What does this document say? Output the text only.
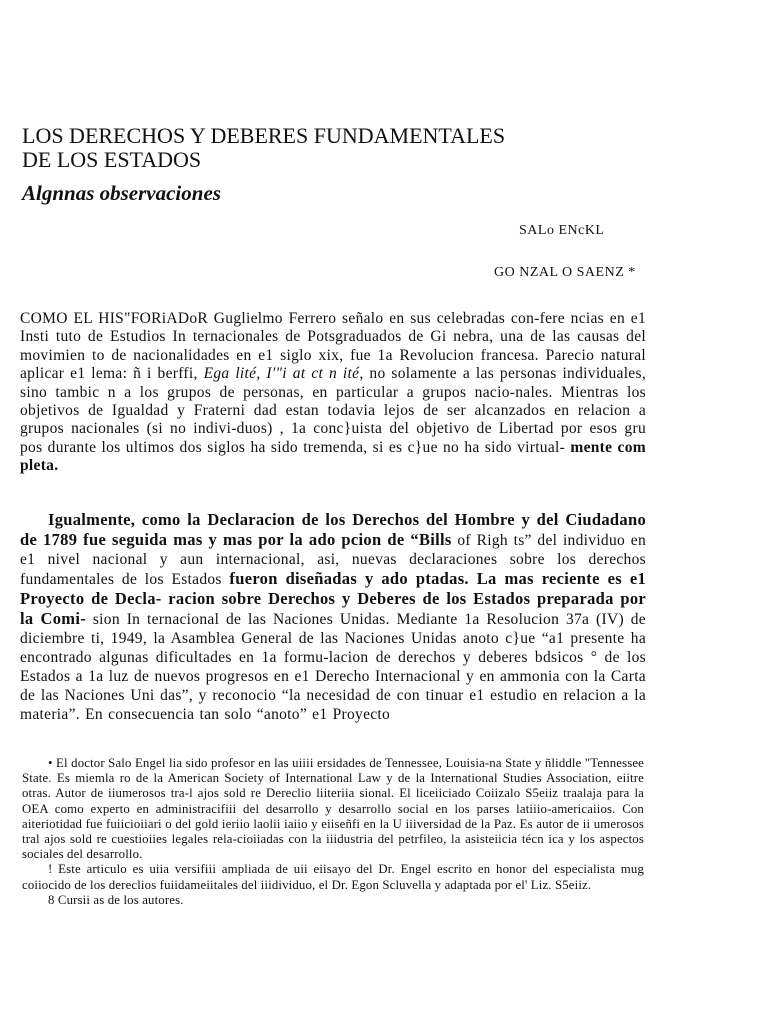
LOS DERECHOS Y DEBERES FUNDAMENTALES
DE LOS ESTADOS
Algnnas observaciones
SALo ENcKL
GO NZAL O SAENZ *

COMO EL HIS"FORiADoR Guglielmo Ferrero señalo en sus celebradas con-fere ncias en e1 Insti tuto de Estudios In ternacionales de Potsgraduados de Gi nebra, una de las causas del movimien to de nacionalidades en e1 siglo xix, fue 1a Revolucion francesa. Parecio natural aplicar e1 lema: ñ i berffi, Ega lité, I'"i at ct n ité, no solamente a las personas individuales, sino tambic n a los grupos de personas, en particular a grupos nacio-nales. Mientras los objetivos de Igualdad y Fraterni dad estan todavia lejos de ser alcanzados en relacion a grupos nacionales (si no indivi-duos) , 1a conc}uista del objetivo de Libertad por esos gru pos durante los ultimos dos siglos ha sido tremenda, si es c}ue no ha sido virtual- mente com pleta.

Igualmente, como la Declaracion de los Derechos del Hombre y del Ciudadano de 1789 fue seguida mas y mas por la ado pcion de “Bills of Righ ts” del individuo en e1 nivel nacional y aun internacional, asi, nuevas declaraciones sobre los derechos fundamentales de los Estados fueron diseñadas y ado ptadas. La mas reciente es e1 Proyecto de Decla- racion sobre Derechos y Deberes de los Estados preparada por la Comi- sion In ternacional de las Naciones Unidas. Mediante 1a Resolucion 37a (IV) de diciembre ti, 1949, la Asamblea General de las Naciones Unidas anoto c}ue “a1 presente ha encontrado algunas dificultades en 1a formu-lacion de derechos y deberes bdsicos ° de los Estados a 1a luz de nuevos progresos en e1 Derecho Internacional y en ammonia con la Carta de las Naciones Uni das”, y reconocio “la necesidad de con tinuar e1 estudio en relacion a la materia”. En consecuencia tan solo “anoto” e1 Proyecto

• El doctor Salo Engel lia sido profesor en las uiiii ersidades de Tennessee, Louisia-na State y ñliddle "Tennessee State. Es miemla ro de la American Society of International Law y de la International Studies Association, eiitre otras. Autor de iiumerosos tra-l ajos sold re Dereclio liiteriia sional. El liceiiciado Coiizalo S5eiiz traalaja para la OEA como experto en administracifiii del desarrollo y desarrollo social en los parses latiiio-americaiios. Con aiteriotidad fue fuiicioiiari o del gold ieriio laolii iaiio y eiiseñfi en la U iiiversidad de la Paz. Es autor de ii umerosos tral ajos sold re cuestioiies legales rela-cioiiadas con la iiidustria del petrfileo, la asisteiicia técn ica y los aspectos sociales del desarrollo.

! Este articulo es uiia versifiii ampliada de uii eiisayo del Dr. Engel escrito en honor del especialista mug coiiocido de los dereclios fuiidameiitales del iiidividuo, el Dr. Egon Scluvella y adaptada por el' Liz. S5eiiz.

8 Cursii as de los autores.
